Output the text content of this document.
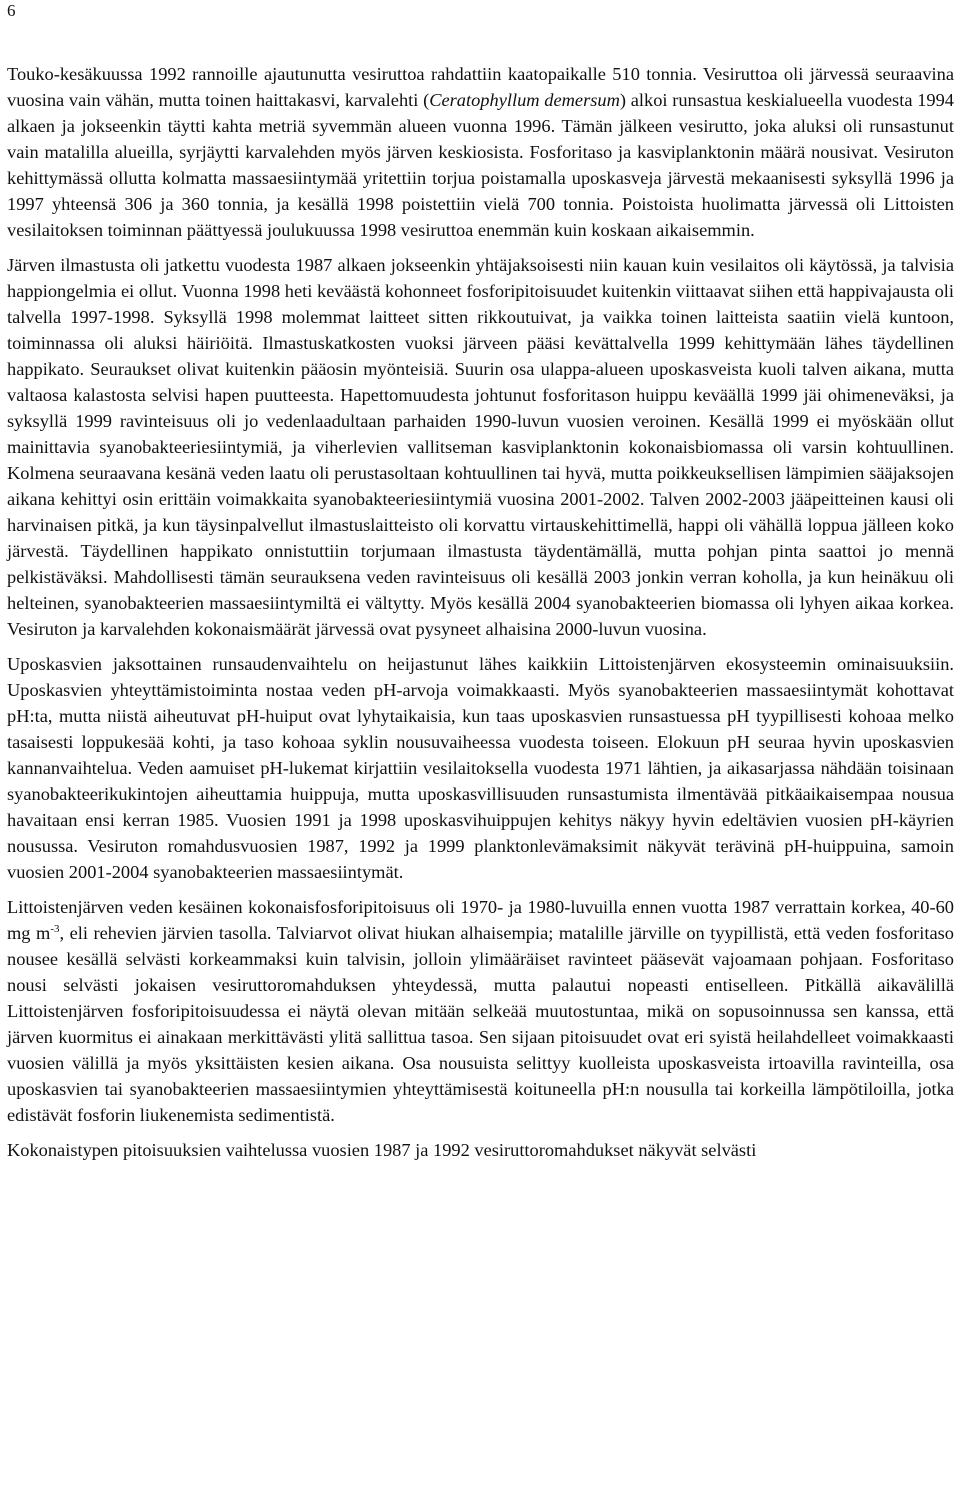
6

Touko-kesäkuussa 1992 rannoille ajautunutta vesiruttoa rahdattiin kaatopaikalle 510 tonnia. Vesiruttoa oli järvessä seuraavina vuosina vain vähän, mutta toinen haittakasvi, karvalehti (Ceratophyllum demersum) alkoi runsastua keskialueella vuodesta 1994 alkaen ja jokseenkin täytti kahta metriä syvemmän alueen vuonna 1996. Tämän jälkeen vesirutto, joka aluksi oli runsastunut vain matalilla alueilla, syrjäytti karvalehden myös järven keskiosista. Fosforitaso ja kasviplanktonin määrä nousivat. Vesiruton kehittymässä ollutta kolmatta massaesiintymää yritettiin torjua poistamalla uposkasveja järvestä mekaanisesti syksyllä 1996 ja 1997 yhteensä 306 ja 360 tonnia, ja kesällä 1998 poistettiin vielä 700 tonnia. Poistoista huolimatta järvessä oli Littoisten vesilaitoksen toiminnan päättyessä joulukuussa 1998 vesiruttoa enemmän kuin koskaan aikaisemmin.

Järven ilmastusta oli jatkettu vuodesta 1987 alkaen jokseenkin yhtäjaksoisesti niin kauan kuin vesilaitos oli käytössä, ja talvisia happiongelmia ei ollut. Vuonna 1998 heti keväästä kohonneet fosforipitoisuudet kuitenkin viittaavat siihen että happivajausta oli talvella 1997-1998. Syksyllä 1998 molemmat laitteet sitten rikkoutuivat, ja vaikka toinen laitteista saatiin vielä kuntoon, toiminnassa oli aluksi häiriöitä. Ilmastuskatkosten vuoksi järveen pääsi kevättalvella 1999 kehittymään lähes täydellinen happikato. Seuraukset olivat kuitenkin pääosin myönteisiä. Suurin osa ulappa-alueen uposkasveista kuoli talven aikana, mutta valtaosa kalastosta selvisi hapen puutteesta. Hapettomuudesta johtunut fosforitason huippu keväällä 1999 jäi ohimeneväksi, ja syksyllä 1999 ravinteisuus oli jo vedenlaadultaan parhaiden 1990-luvun vuosien veroinen. Kesällä 1999 ei myöskään ollut mainittavia syanobakteeriesiintymiä, ja viherlevien vallitseman kasviplanktonin kokonaisbiomassa oli varsin kohtuullinen. Kolmena seuraavana kesänä veden laatu oli perustasoltaan kohtuullinen tai hyvä, mutta poikkeuksellisen lämpimien sääjaksojen aikana kehittyi osin erittäin voimakkaita syanobakteeriesiintymiä vuosina 2001-2002. Talven 2002-2003 jääpeitteinen kausi oli harvinaisen pitkä, ja kun täysinpalvellut ilmastuslaitteisto oli korvattu virtauskehittimellä, happi oli vähällä loppua jälleen koko järvestä. Täydellinen happikato onnistuttiin torjumaan ilmastusta täydentämällä, mutta pohjan pinta saattoi jo mennä pelkistäväksi. Mahdollisesti tämän seurauksena veden ravinteisuus oli kesällä 2003 jonkin verran koholla, ja kun heinäkuu oli helteinen, syanobakteerien massaesiintymiltä ei vältytty. Myös kesällä 2004 syanobakteerien biomassa oli lyhyen aikaa korkea. Vesiruton ja karvalehden kokonaismäärät järvessä ovat pysyneet alhaisina 2000-luvun vuosina.

Uposkasvien jaksottainen runsaudenvaihtelu on heijastunut lähes kaikkiin Littoistenjärven ekosysteemin ominaisuuksiin. Uposkasvien yhteyttämistoiminta nostaa veden pH-arvoja voimakkaasti. Myös syanobakteerien massaesiintymät kohottavat pH:ta, mutta niistä aiheutuvat pH-huiput ovat lyhytaikaisia, kun taas uposkasvien runsastuessa pH tyypillisesti kohoaa melko tasaisesti loppukesää kohti, ja taso kohoaa syklin nousuvaiheessa vuodesta toiseen. Elokuun pH seuraa hyvin uposkasvien kannanvaihtelua. Veden aamuiset pH-lukemat kirjattiin vesilaitoksella vuodesta 1971 lähtien, ja aikasarjassa nähdään toisinaan syanobakteerikukintojen aiheuttamia huippuja, mutta uposkasvillisuuden runsastumista ilmentävää pitkäaikaisempaa nousua havaitaan ensi kerran 1985. Vuosien 1991 ja 1998 uposkasvihuippujen kehitys näkyy hyvin edeltävien vuosien pH-käyrien nousussa. Vesiruton romahdusvuosien 1987, 1992 ja 1999 planktonlevämaksimit näkyvät terävinä pH-huippuina, samoin vuosien 2001-2004 syanobakteerien massaesiintymät.

Littoistenjärven veden kesäinen kokonaisfosforipitoisuus oli 1970- ja 1980-luvuilla ennen vuotta 1987 verrattain korkea, 40-60 mg $m^{-3}$, eli rehevien järvien tasolla. Talviarvot olivat hiukan alhaisempia; matalille järville on tyypillistä, että veden fosforitaso nousee kesällä selvästi korkeammaksi kuin talvisin, jolloin ylimääräiset ravinteet pääsevät vajoamaan pohjaan. Fosforitaso nousi selvästi jokaisen vesiruttoromahduksen yhteydessä, mutta palautui nopeasti entiselleen. Pitkällä aikavälillä Littoistenjärven fosforipitoisuudessa ei näytä olevan mitään selkeää muutostuntaa, mikä on sopusoinnussa sen kanssa, että järven kuormitus ei ainakaan merkittävästi ylitä sallittua tasoa. Sen sijaan pitoisuudet ovat eri syistä heilahdelleet voimakkaasti vuosien välillä ja myös yksittäisten kesien aikana. Osa nousuista selittyy kuolleista uposkasveista irtoavilla ravinteilla, osa uposkasvien tai syanobakteerien massaesiintymien yhteyttämisestä koituneella pH:n nousulla tai korkeilla lämpötiloilla, jotka edistävät fosforin liukenemista sedimentistä.

Kokonaistypen pitoisuuksien vaihtelussa vuosien 1987 ja 1992 vesiruttoromahdukset näkyvät selvästi
